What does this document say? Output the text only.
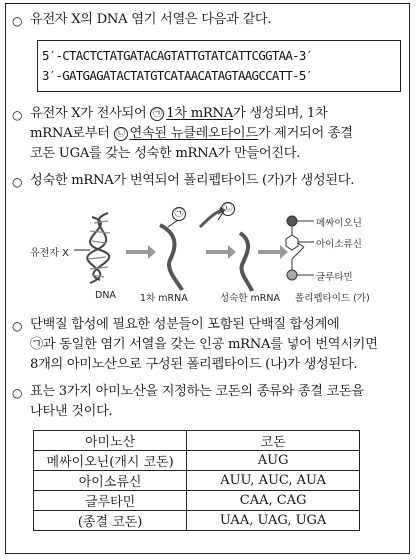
○ 유전자 X의 DNA 염기 서열은 다음과 같다.
5′-CTACTCTATGATACAGTATTGTATCATTCGGTAA-3′
3′-GATGAGATACTATGTCATAACATAGTAAGCCATT-5′
○ 유전자 X가 전사되어 ㉠ 1차 mRNA가 생성되며, 1차
mRNA로부터 ㉡ 연속된 뉴클레오타이드가 제거되어 종결
코돈 UGA를 갖는 성숙한 mRNA가 만들어진다.
○ 성숙한 mRNA가 번역되어 폴리펩타이드 (가)가 생성된다.
유전자 X
㉠	㉡
메싸이오닌
아이소류신
글루타민
DNA	1차 mRNA	성숙한 mRNA 폴리펩타이드 (가)
○ 단백질 합성에 필요한 성분들이 포함된 단백질 합성계에
㉠과 동일한 염기 서열을 갖는 인공 mRNA를 넣어 번역시키면
8개의 아미노산으로 구성된 폴리펩타이드 (나)가 생성된다.
○ 표는 3가지 아미노산을 지정하는 코돈의 종류와 종결 코돈을
나타낸 것이다.
아미노산	코돈
메싸이오닌(개시 코돈)	AUG
아이소류신	AUU, AUC, AUA
글루타민	CAA, CAG
(종결 코돈)	UAA, UAG, UGA
